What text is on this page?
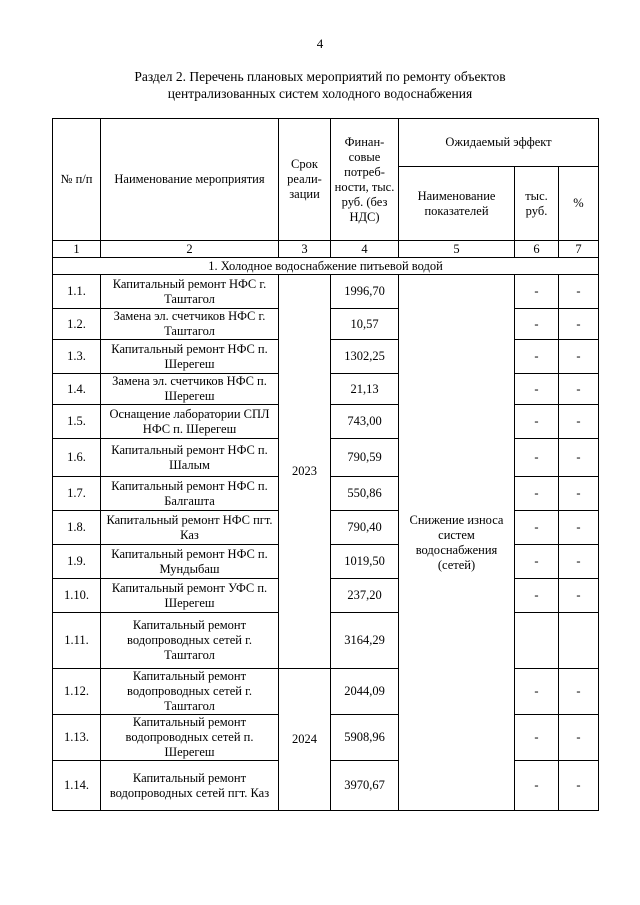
4
Раздел 2. Перечень плановых мероприятий по ремонту объектов
централизованных систем холодного водоснабжения
№ п/п	Наименование мероприятия	Срок реали- зации	Финан- совые потреб- ности, тыс. руб. (без НДС)	Ожидаемый эффект		
				Наименование показателей	тыс. руб.	%
1	2	3	4	5	6	7
1. Холодное водоснабжение питьевой водой						
1.1.	Капитальный ремонт НФС г. Таштагол	2023	1996,70	Снижение износа систем водоснабжения (сетей)	-	-
1.2.	Замена эл. счетчиков НФС г. Таштагол		10,57		-	-
1.3.	Капитальный ремонт НФС п. Шерегеш		1302,25		-	-
1.4.	Замена эл. счетчиков НФС п. Шерегеш		21,13		-	-
1.5.	Оснащение лаборатории СПЛ НФС п. Шерегеш		743,00		-	-
1.6.	Капитальный ремонт НФС п. Шалым		790,59		-	-
1.7.	Капитальный ремонт НФС п. Балгашта		550,86		-	-
1.8.	Капитальный ремонт НФС пгт. Каз		790,40		-	-
1.9.	Капитальный ремонт НФС п. Мундыбаш		1019,50		-	-
1.10.	Капитальный ремонт УФС п. Шерегеш		237,20		-	-
1.11.	Капитальный ремонт водопроводных сетей г. Таштагол		3164,29			
1.12.	Капитальный ремонт водопроводных сетей г. Таштагол	2024	2044,09		-	-
1.13.	Капитальный ремонт водопроводных сетей п. Шерегеш		5908,96		-	-
1.14.	Капитальный ремонт водопроводных сетей пгт. Каз		3970,67		-	-
